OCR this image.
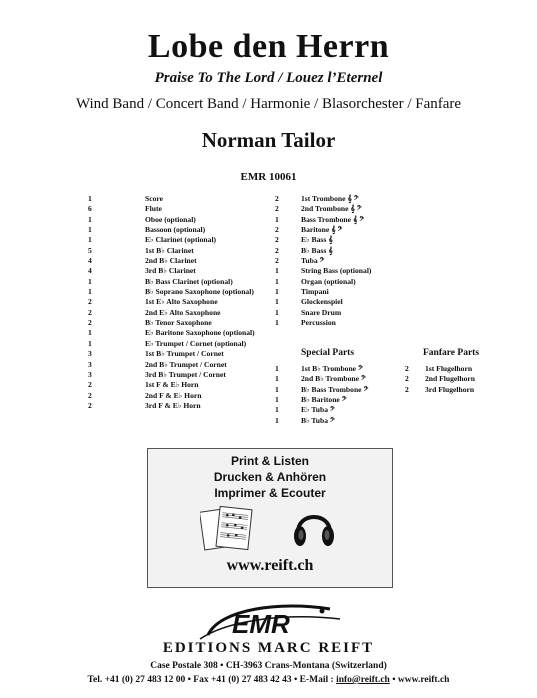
Lobe den Herrn
Praise To The Lord / Louez l’Eternel
Wind Band / Concert Band / Harmonie / Blasorchester / Fanfare
Norman Tailor
EMR 10061
1	Score
6	Flute
1	Oboe (optional)
1	Bassoon (optional)
1	E♭ Clarinet (optional)
5	1st B♭ Clarinet
4	2nd B♭ Clarinet
4	3rd B♭ Clarinet
1	B♭ Bass Clarinet (optional)
1	B♭ Soprano Saxophone (optional)
2	1st E♭ Alto Saxophone
2	2nd E♭ Alto Saxophone
2	B♭ Tenor Saxophone
1	E♭ Baritone Saxophone (optional)
1	E♭ Trumpet / Cornet (optional)
3	1st B♭ Trumpet / Cornet
3	2nd B♭ Trumpet / Cornet
3	3rd B♭ Trumpet / Cornet
2	1st F & E♭ Horn
2	2nd F & E♭ Horn
2	3rd F & E♭ Horn
2	1st Trombone 𝄞 𝄢
2	2nd Trombone 𝄞 𝄢
1	Bass Trombone 𝄞 𝄢
2	Baritone 𝄞 𝄢
2	E♭ Bass 𝄞
2	B♭ Bass 𝄞
2	Tuba 𝄢
1	String Bass (optional)
1	Organ (optional)
1	Timpani
1	Glockenspiel
1	Snare Drum
1	Percussion
Special Parts	Fanfare Parts
1	1st B♭ Trombone 𝄢
1	2nd B♭ Trombone 𝄢
1	B♭ Bass Trombone 𝄢
1	B♭ Baritone 𝄢
1	E♭ Tuba 𝄢
1	B♭ Tuba 𝄢
2	1st Flugelhorn
2	2nd Flugelhorn
2	3rd Flugelhorn
Print & Listen
Drucken & Anhören
Imprimer & Ecouter
www.reift.ch
EMR
EDITIONS MARC REIFT
Case Postale 308 • CH-3963 Crans-Montana (Switzerland)
Tel. +41 (0) 27 483 12 00 • Fax +41 (0) 27 483 42 43 • E-Mail : info@reift.ch • www.reift.ch
